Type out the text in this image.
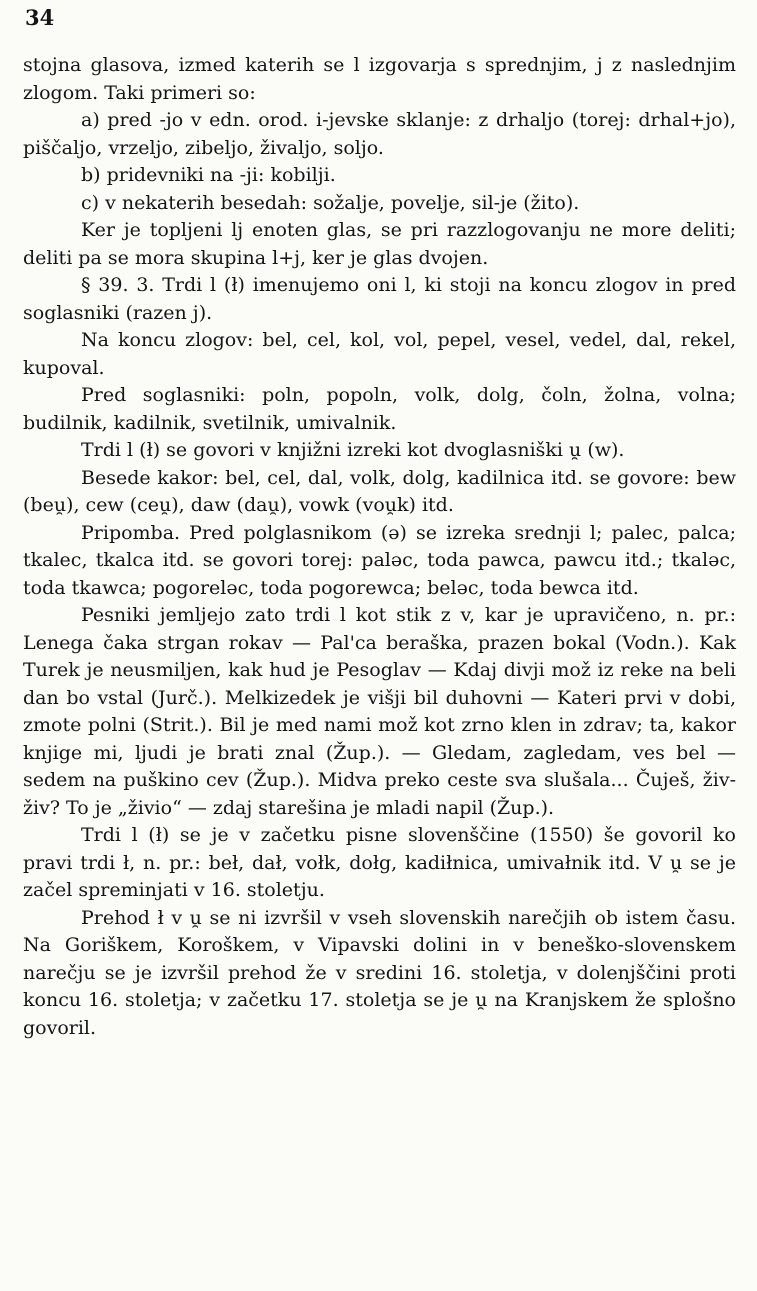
34

stojna glasova, izmed katerih se l izgovarja s sprednjim, j z naslednjim zlogom. Taki primeri so:

a) pred -jo v edn. orod. i-jevske sklanje: z drhaljo (torej: drhal+jo), piščaljo, vrzeljo, zibeljo, živaljo, soljo.

b) pridevniki na -ji: kobilji.

c) v nekaterih besedah: sožalje, povelje, sil-je (žito).

Ker je topljeni lj enoten glas, se pri razzlogovanju ne more deliti; deliti pa se mora skupina l+j, ker je glas dvojen.

§ 39. 3. Trdi l (ł) imenujemo oni l, ki stoji na koncu zlogov in pred soglasniki (razen j).

Na koncu zlogov: bel, cel, kol, vol, pepel, vesel, vedel, dal, rekel, kupoval.

Pred soglasniki: poln, popoln, volk, dolg, čoln, žolna, volna; budilnik, kadilnik, svetilnik, umivalnik.

Trdi l (ł) se govori v knjižni izreki kot dvoglasniški u̯ (w).

Besede kakor: bel, cel, dal, volk, dolg, kadilnica itd. se govore: bew (beu̯), cew (ceu̯), daw (dau̯), vowk (vou̯k) itd.

Pripomba. Pred polglasnikom (ə) se izreka srednji l; palec, palca; tkalec, tkalca itd. se govori torej: paləc, toda pawca, pawcu itd.; tkaləc, toda tkawca; pogoreləc, toda pogorewca; beləc, toda bewca itd.

Pesniki jemljejo zato trdi l kot stik z v, kar je upravičeno, n. pr.: Lenega čaka strgan rokav — Pal'ca beraška, prazen bokal (Vodn.). Kak Turek je neusmiljen, kak hud je Pesoglav — Kdaj divji mož iz reke na beli dan bo vstal (Jurč.). Melkizedek je višji bil duhovni — Kateri prvi v dobi, zmote polni (Strit.). Bil je med nami mož kot zrno klen in zdrav; ta, kakor knjige mi, ljudi je brati znal (Žup.). — Gledam, zagledam, ves bel — sedem na puškino cev (Žup.). Midva preko ceste sva slušala... Čuješ, živ-živ? To je „živio“ — zdaj starešina je mladi napil (Žup.).

Trdi l (ł) se je v začetku pisne slovenščine (1550) še govoril ko pravi trdi ł, n. pr.: beł, dał, vołk, dołg, kadiłnica, umivałnik itd. V u̯ se je začel spreminjati v 16. stoletju.

Prehod ł v u̯ se ni izvršil v vseh slovenskih narečjih ob istem času. Na Goriškem, Koroškem, v Vipavski dolini in v beneško-slovenskem narečju se je izvršil prehod že v sredini 16. stoletja, v dolenjščini proti koncu 16. stoletja; v začetku 17. stoletja se je u̯ na Kranjskem že splošno govoril.
